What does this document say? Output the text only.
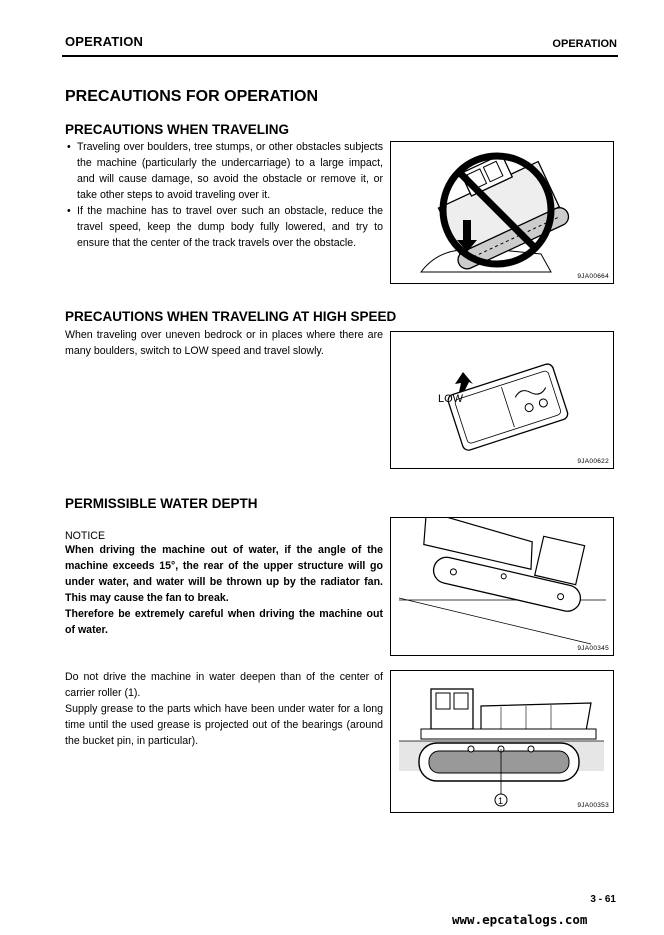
OPERATION	OPERATION
PRECAUTIONS FOR OPERATION
PRECAUTIONS WHEN TRAVELING
• Traveling over boulders, tree stumps, or other obstacles subjects the machine (particularly the undercarriage) to a large impact, and will cause damage, so avoid the obstacle or remove it, or take other steps to avoid traveling over it.
• If the machine has to travel over such an obstacle, reduce the travel speed, keep the dump body fully lowered, and try to ensure that the center of the track travels over the obstacle.
9JA00664
PRECAUTIONS WHEN TRAVELING AT HIGH SPEED
When traveling over uneven bedrock or in places where there are many boulders, switch to LOW speed and travel slowly.
LOW
9JA00622
PERMISSIBLE WATER DEPTH
NOTICE
When driving the machine out of water, if the angle of the machine exceeds 15°, the rear of the upper structure will go under water, and water will be thrown up by the radiator fan. This may cause the fan to break.
Therefore be extremely careful when driving the machine out of water.
9JA00345
Do not drive the machine in water deepen than of the center of carrier roller (1).
Supply grease to the parts which have been under water for a long time until the used grease is projected out of the bearings (around the bucket pin, in particular).
1	9JA00353
3 - 61
www.epcatalogs.com
